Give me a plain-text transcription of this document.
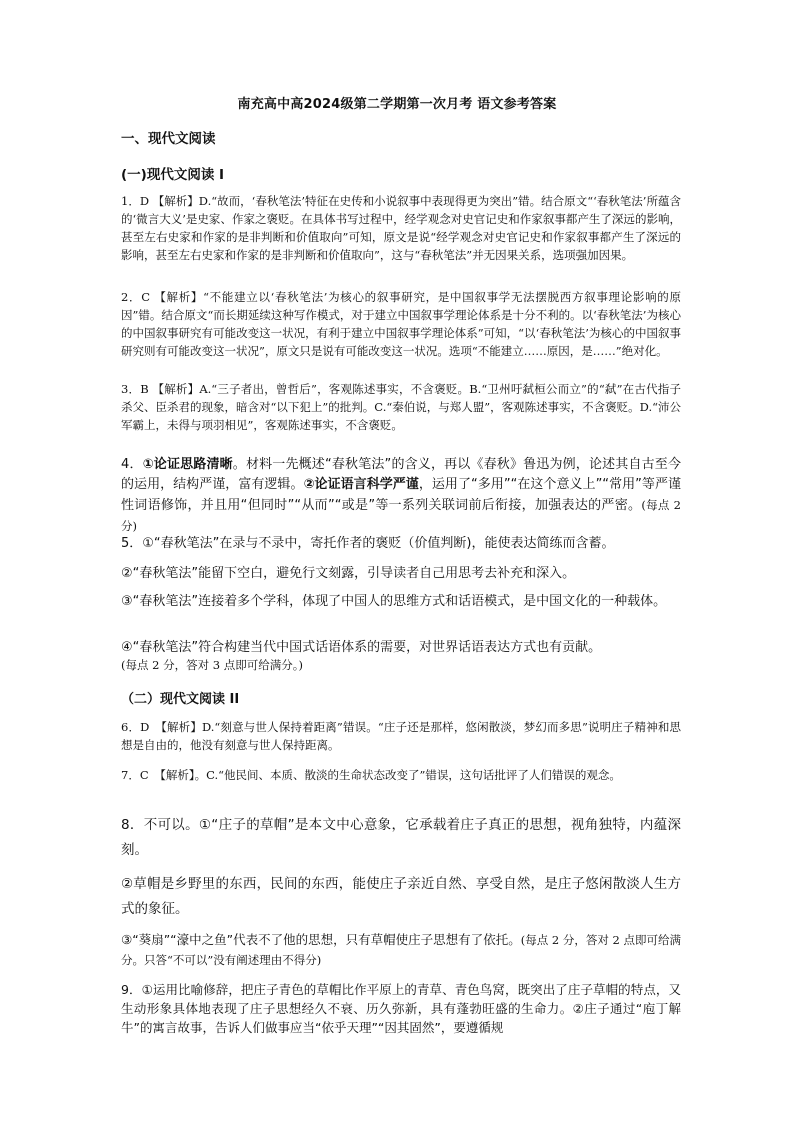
南充高中高2024级第二学期第一次月考 语文参考答案
一、现代文阅读
(一)现代文阅读 I

1．D 【解析】D.“故而，‘春秋笔法’特征在史传和小说叙事中表现得更为突出”错。结合原文“‘春秋笔法’所蕴含的‘微言大义’是史家、作家之褒贬。在具体书写过程中，经学观念对史官记史和作家叙事都产生了深远的影响，甚至左右史家和作家的是非判断和价值取向”可知，原文是说“经学观念对史官记史和作家叙事都产生了深远的影响，甚至左右史家和作家的是非判断和价值取向”，这与“春秋笔法”并无因果关系，选项强加因果。

2．C 【解析】“不能建立以‘春秋笔法’为核心的叙事研究，是中国叙事学无法摆脱西方叙事理论影响的原因”错。结合原文“而长期延续这种写作模式，对于建立中国叙事学理论体系是十分不利的。以‘春秋笔法’为核心的中国叙事研究有可能改变这一状况，有利于建立中国叙事学理论体系”可知，“以‘春秋笔法’为核心的中国叙事研究则有可能改变这一状况”，原文只是说有可能改变这一状况。选项“不能建立……原因，是……”绝对化。

3．B 【解析】A.“三子者出，曾哲后”，客观陈述事实，不含褒贬。B.“卫州吁弑桓公而立”的“弑”在古代指子杀父、臣杀君的现象，暗含对“以下犯上”的批判。C.“秦伯说，与郑人盟”，客观陈述事实，不含褒贬。D.“沛公军霸上，未得与项羽相见”，客观陈述事实，不含褒贬。

4．①论证思路清晰。材料一先概述“春秋笔法”的含义，再以《春秋》鲁迅为例，论述其自古至今的运用，结构严谨，富有逻辑。②论证语言科学严谨，运用了“多用”“在这个意义上”“常用”等严谨性词语修饰，并且用“但同时”“从而”“或是”等一系列关联词前后衔接，加强表达的严密。(每点 2 分)

5．①“春秋笔法”在录与不录中，寄托作者的褒贬（价值判断)，能使表达简练而含蓄。

②“春秋笔法”能留下空白，避免行文刻露，引导读者自己用思考去补充和深入。

③“春秋笔法”连接着多个学科，体现了中国人的思维方式和话语模式，是中国文化的一种载体。

④“春秋笔法”符合构建当代中国式话语体系的需要，对世界话语表达方式也有贡献。

(每点 2 分，答对 3 点即可给满分。)

（二）现代文阅读 II

6．D　【解析】D.“刻意与世人保持着距离”错误。“庄子还是那样，悠闲散淡，梦幻而多思”说明庄子精神和思想是自由的，他没有刻意与世人保持距离。

7．C　【解析】。C.“他民间、本质、散淡的生命状态改变了”错误，这句话批评了人们错误的观念。

8．不可以。①“庄子的草帽”是本文中心意象，它承载着庄子真正的思想，视角独特，内蕴深刻。

②草帽是乡野里的东西，民间的东西，能使庄子亲近自然、享受自然，是庄子悠闲散淡人生方式的象征。

③“葵扇”“濠中之鱼”代表不了他的思想，只有草帽使庄子思想有了依托。(每点 2 分，答对 2 点即可给满分。只答“不可以”没有阐述理由不得分)

9．①运用比喻修辞，把庄子青色的草帽比作平原上的青草、青色鸟窝，既突出了庄子草帽的特点，又生动形象具体地表现了庄子思想经久不衰、历久弥新，具有蓬勃旺盛的生命力。②庄子通过“庖丁解牛”的寓言故事，告诉人们做事应当“依乎天理”“因其固然”，要遵循规
